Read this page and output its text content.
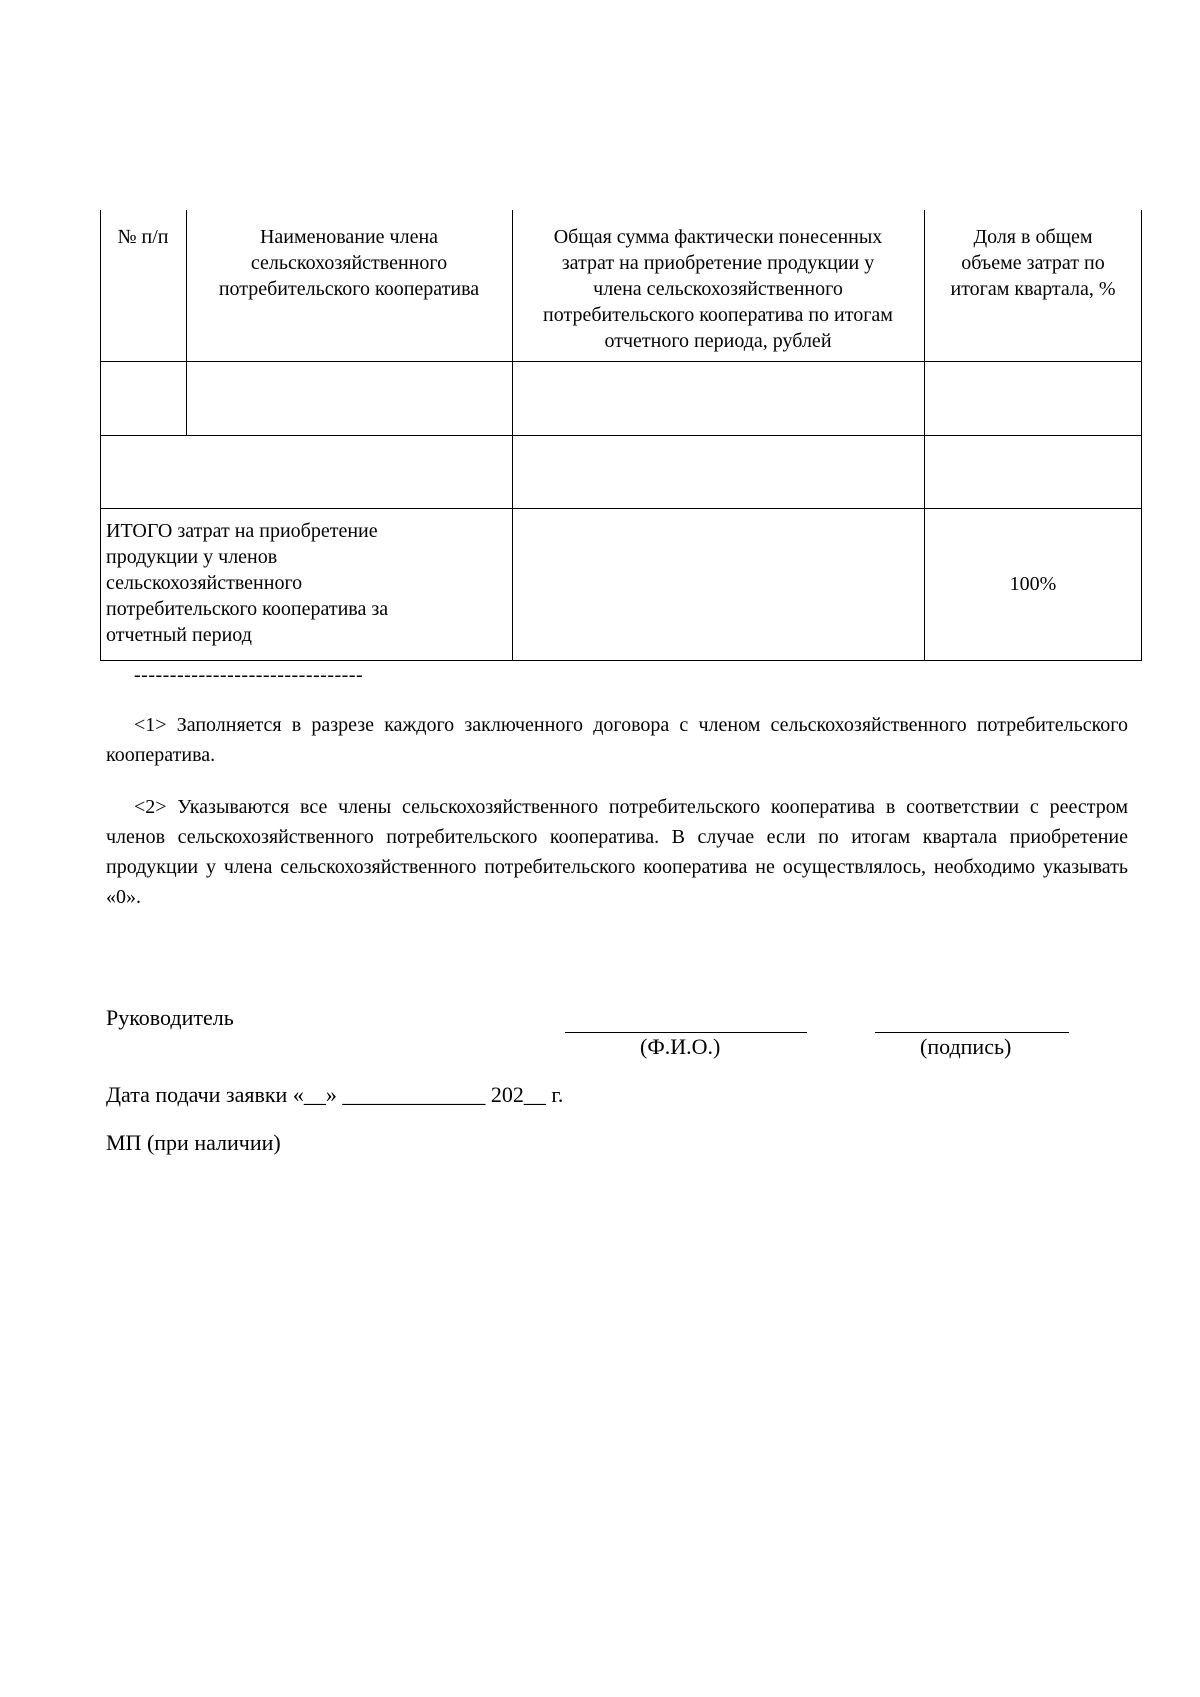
№ п/п	Наименование члена
сельскохозяйственного
потребительского кооператива
Общая сумма фактически понесенных
затрат на приобретение продукции у
члена сельскохозяйственного
потребительского кооператива по итогам
отчетного периода, рублей
Доля в общем
объеме затрат по
итогам квартала, %
ИТОГО затрат на приобретение
продукции у членов
сельскохозяйственного
потребительского кооператива за
отчетный период
100%
--------------------------------
<1> Заполняется в разрезе каждого заключенного договора с членом сельскохозяйственного потребительского кооператива.
<2> Указываются все члены сельскохозяйственного потребительского кооператива в соответствии с реестром членов сельскохозяйственного потребительского кооператива. В случае если по итогам квартала приобретение продукции у члена сельскохозяйственного потребительского кооператива не осуществлялось, необходимо указывать «0».
Руководитель
(Ф.И.О.)	(подпись)
Дата подачи заявки «__» _____________ 202__ г.
МП (при наличии)
